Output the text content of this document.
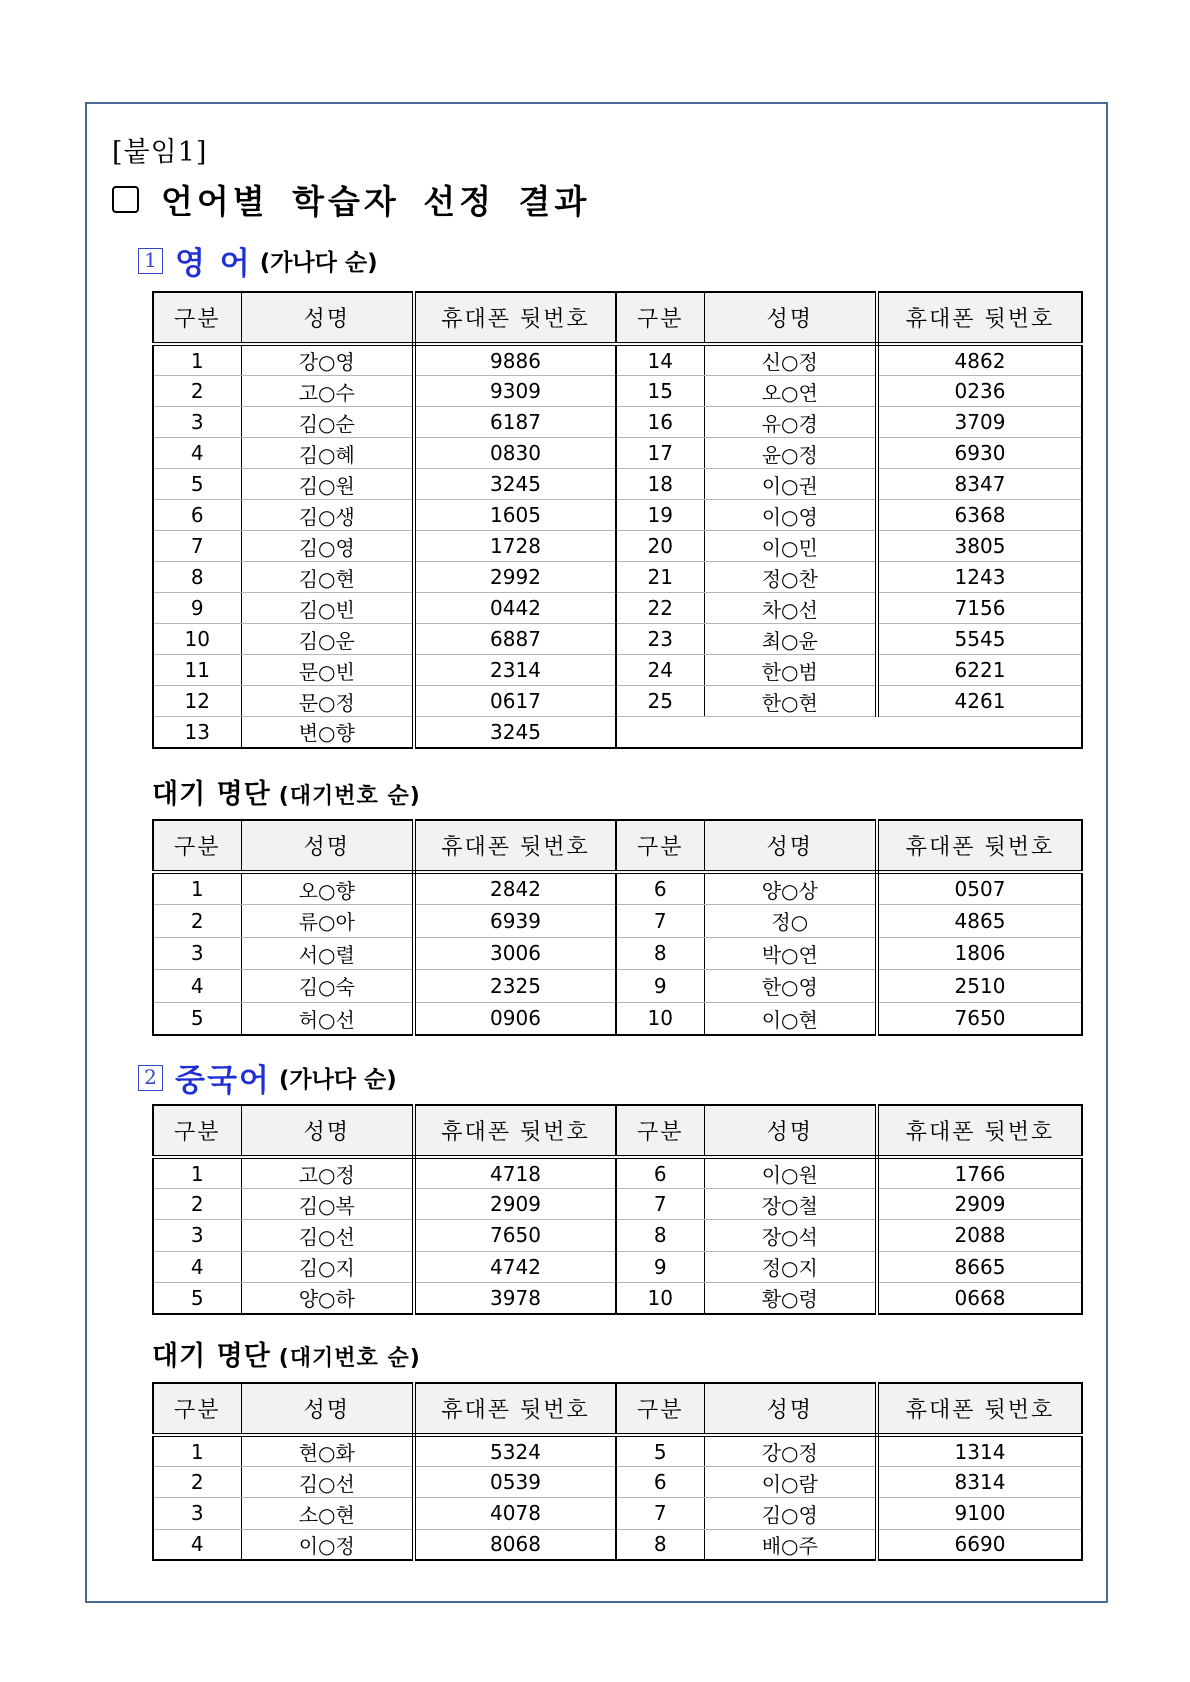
[붙임1]
언어별 학습자 선정 결과
1 영 어 (가나다 순)
구분	성명	휴대폰 뒷번호	구분	성명	휴대폰 뒷번호
1	강○영	9886	14	신○정	4862
2	고○수	9309	15	오○연	0236
3	김○순	6187	16	유○경	3709
4	김○혜	0830	17	윤○정	6930
5	김○원	3245	18	이○권	8347
6	김○생	1605	19	이○영	6368
7	김○영	1728	20	이○민	3805
8	김○현	2992	21	정○찬	1243
9	김○빈	0442	22	차○선	7156
10	김○운	6887	23	최○윤	5545
11	문○빈	2314	24	한○범	6221
12	문○정	0617	25	한○현	4261
13	변○향	3245			
대기 명단 (대기번호 순)
구분	성명	휴대폰 뒷번호	구분	성명	휴대폰 뒷번호
1	오○향	2842	6	양○상	0507
2	류○아	6939	7	정○	4865
3	서○렬	3006	8	박○연	1806
4	김○숙	2325	9	한○영	2510
5	허○선	0906	10	이○현	7650
2 중국어 (가나다 순)
구분	성명	휴대폰 뒷번호	구분	성명	휴대폰 뒷번호
1	고○정	4718	6	이○원	1766
2	김○복	2909	7	장○철	2909
3	김○선	7650	8	장○석	2088
4	김○지	4742	9	정○지	8665
5	양○하	3978	10	황○령	0668
대기 명단 (대기번호 순)
구분	성명	휴대폰 뒷번호	구분	성명	휴대폰 뒷번호
1	현○화	5324	5	강○정	1314
2	김○선	0539	6	이○람	8314
3	소○현	4078	7	김○영	9100
4	이○정	8068	8	배○주	6690
